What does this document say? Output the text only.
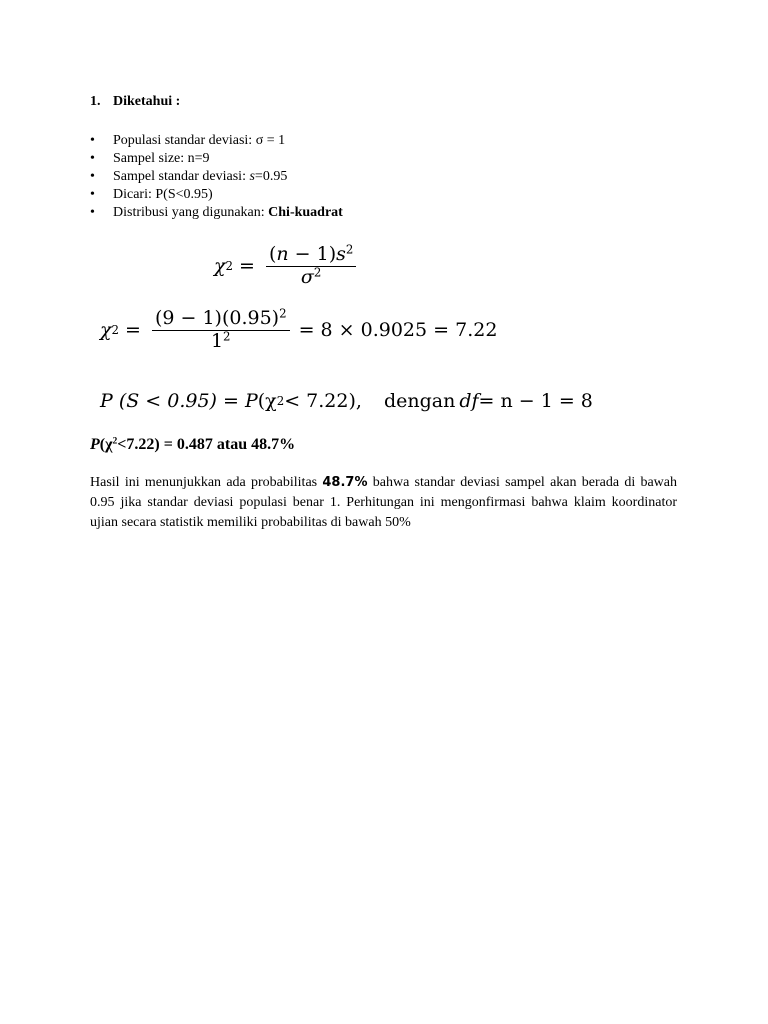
1. Diketahui :
• Populasi standar deviasi: σ = 1
• Sampel size: n=9
• Sampel standar deviasi: s=0.95
• Dicari: P(S<0.95)
• Distribusi yang digunakan: Chi-kuadrat
χ $2 = \frac{(n - 1)s^2}{\sigma^2}$
χ $2 = \frac{(9 - 1)(0.95)^2}{1^2} = 8 \times 0.9025 = 7.22$
P (S < 0.95) = P (χ 2 < 7.22) , dengan df = n − 1 = 8
$P(\chi^2<7.22) = 0.487$ atau 48.7%

Hasil ini menunjukkan ada probabilitas 48.7% bahwa standar deviasi sampel akan berada di bawah 0.95 jika standar deviasi populasi benar 1. Perhitungan ini mengonfirmasi bahwa klaim koordinator ujian secara statistik memiliki probabilitas di bawah 50%
